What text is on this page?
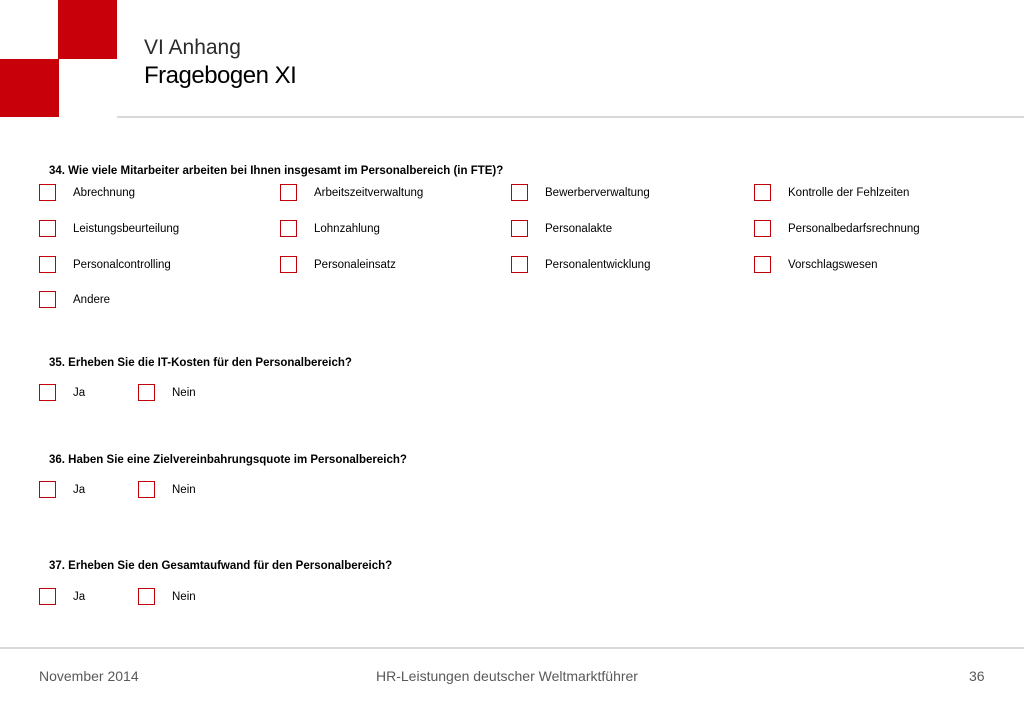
VI Anhang
Fragebogen XI
34. Wie viele Mitarbeiter arbeiten bei Ihnen insgesamt im Personalbereich (in FTE)?
Abrechnung	Arbeitszeitverwaltung	Bewerberverwaltung	Kontrolle der Fehlzeiten
Leistungsbeurteilung	Lohnzahlung	Personalakte	Personalbedarfsrechnung
Personalcontrolling	Personaleinsatz	Personalentwicklung	Vorschlagswesen
Andere
35. Erheben Sie die IT-Kosten für den Personalbereich?
Ja	Nein
36. Haben Sie eine Zielvereinbahrungsquote im Personalbereich?
Ja	Nein
37. Erheben Sie den Gesamtaufwand für den Personalbereich?
Ja	Nein
November 2014	HR-Leistungen deutscher Weltmarktführer	36
